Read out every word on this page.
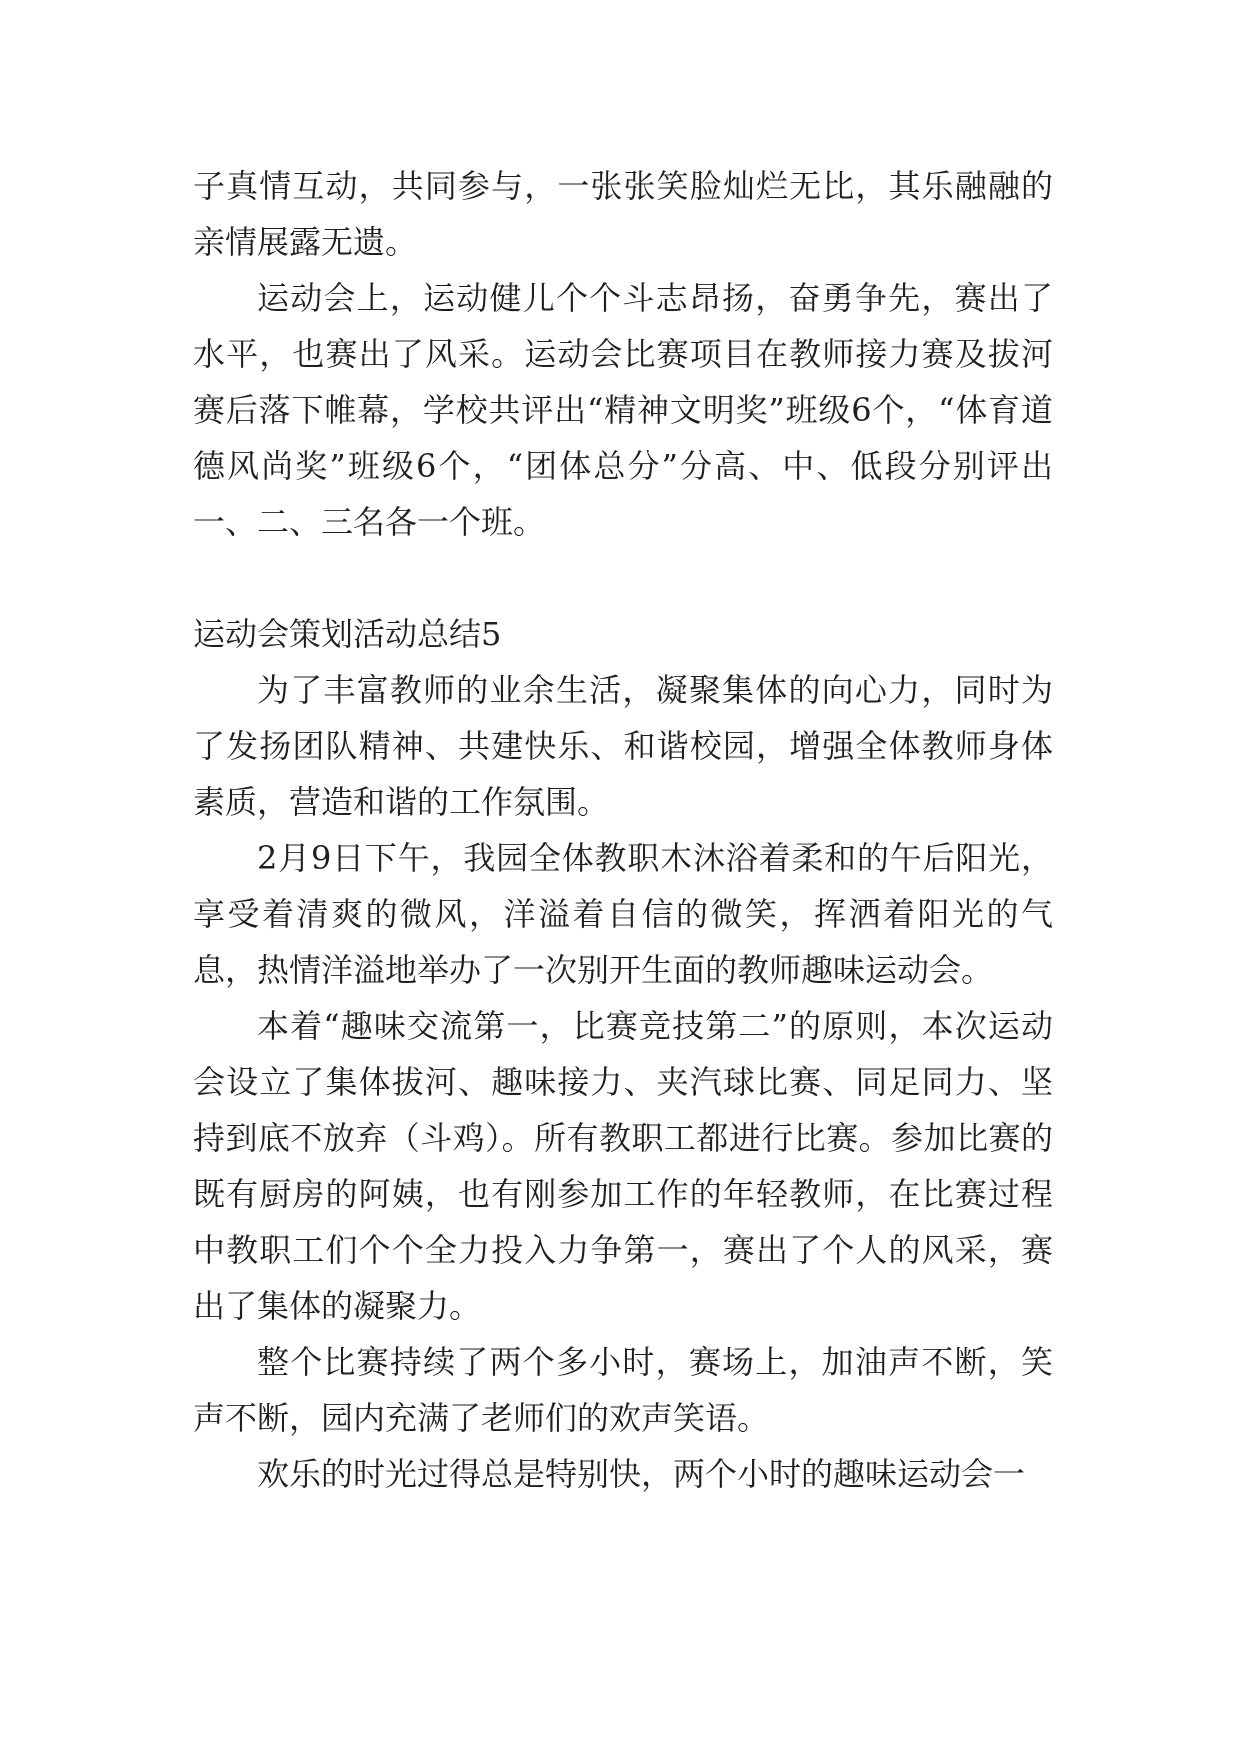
子真情互动，共同参与，一张张笑脸灿烂无比，其乐融融的亲情展露无遗。

运动会上，运动健儿个个斗志昂扬，奋勇争先，赛出了水平，也赛出了风采。运动会比赛项目在教师接力赛及拔河赛后落下帷幕，学校共评出“精神文明奖”班级6个，“体育道德风尚奖”班级6个，“团体总分”分高、中、低段分别评出一、二、三名各一个班。

运动会策划活动总结5

为了丰富教师的业余生活，凝聚集体的向心力，同时为了发扬团队精神、共建快乐、和谐校园，增强全体教师身体素质，营造和谐的工作氛围。

2月9日下午，我园全体教职木沐浴着柔和的午后阳光，享受着清爽的微风，洋溢着自信的微笑，挥洒着阳光的气息，热情洋溢地举办了一次别开生面的教师趣味运动会。

本着“趣味交流第一，比赛竞技第二”的原则，本次运动会设立了集体拔河、趣味接力、夹汽球比赛、同足同力、坚持到底不放弃（斗鸡）。所有教职工都进行比赛。参加比赛的既有厨房的阿姨，也有刚参加工作的年轻教师，在比赛过程中教职工们个个全力投入力争第一，赛出了个人的风采，赛出了集体的凝聚力。

整个比赛持续了两个多小时，赛场上，加油声不断，笑声不断，园内充满了老师们的欢声笑语。

欢乐的时光过得总是特别快，两个小时的趣味运动会一
